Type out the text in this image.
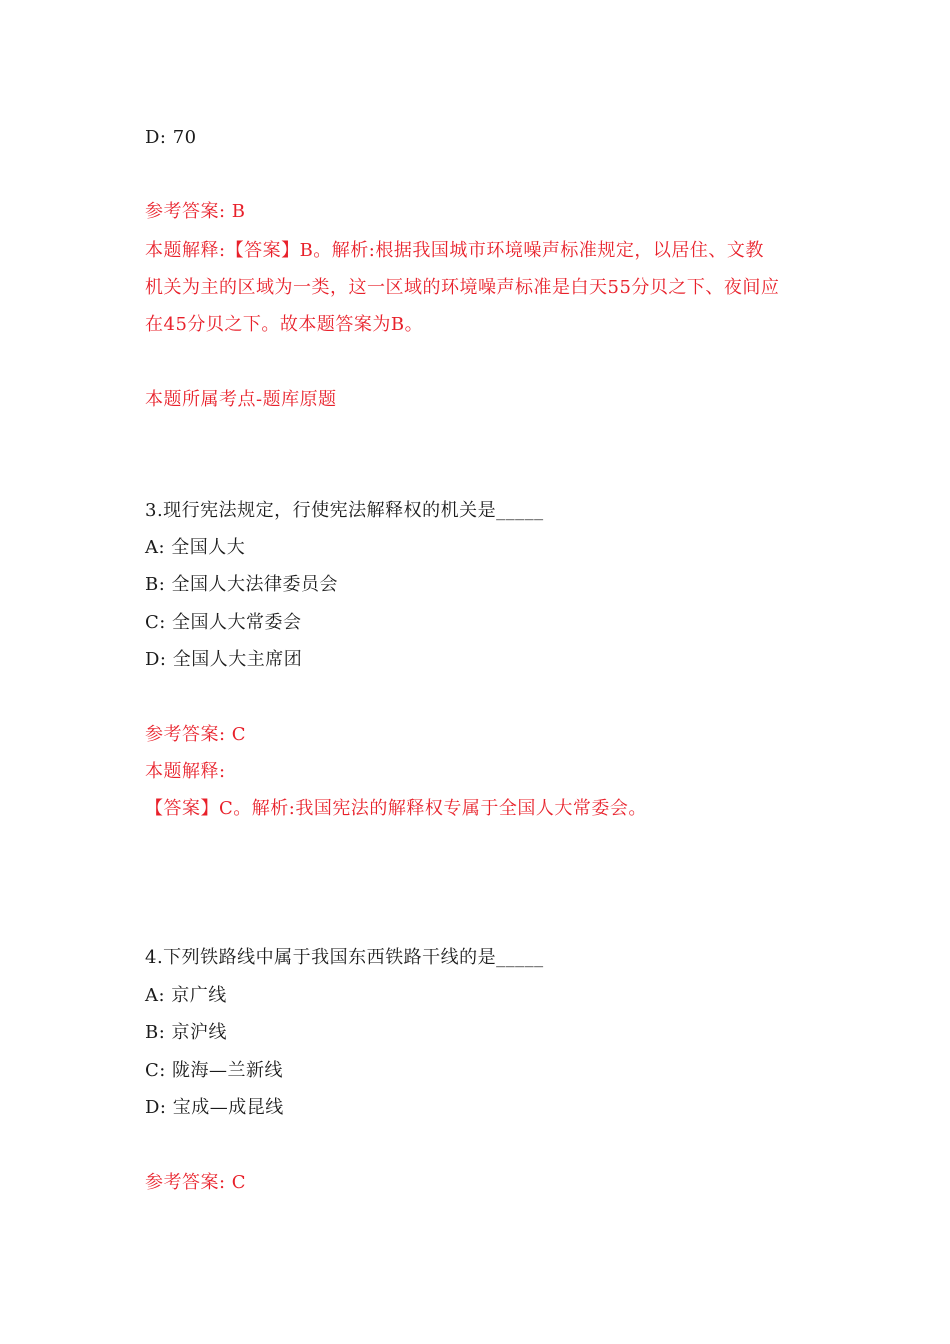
D: 70
参考答案: B
本题解释:【答案】B。解析:根据我国城市环境噪声标准规定，以居住、文教
机关为主的区域为一类，这一区域的环境噪声标准是白天55分贝之下、夜间应
在45分贝之下。故本题答案为B。
本题所属考点-题库原题
3.现行宪法规定，行使宪法解释权的机关是_____
A: 全国人大
B: 全国人大法律委员会
C: 全国人大常委会
D: 全国人大主席团
参考答案: C
本题解释:
【答案】C。解析:我国宪法的解释权专属于全国人大常委会。
4.下列铁路线中属于我国东西铁路干线的是_____
A: 京广线
B: 京沪线
C: 陇海—兰新线
D: 宝成—成昆线
参考答案: C
